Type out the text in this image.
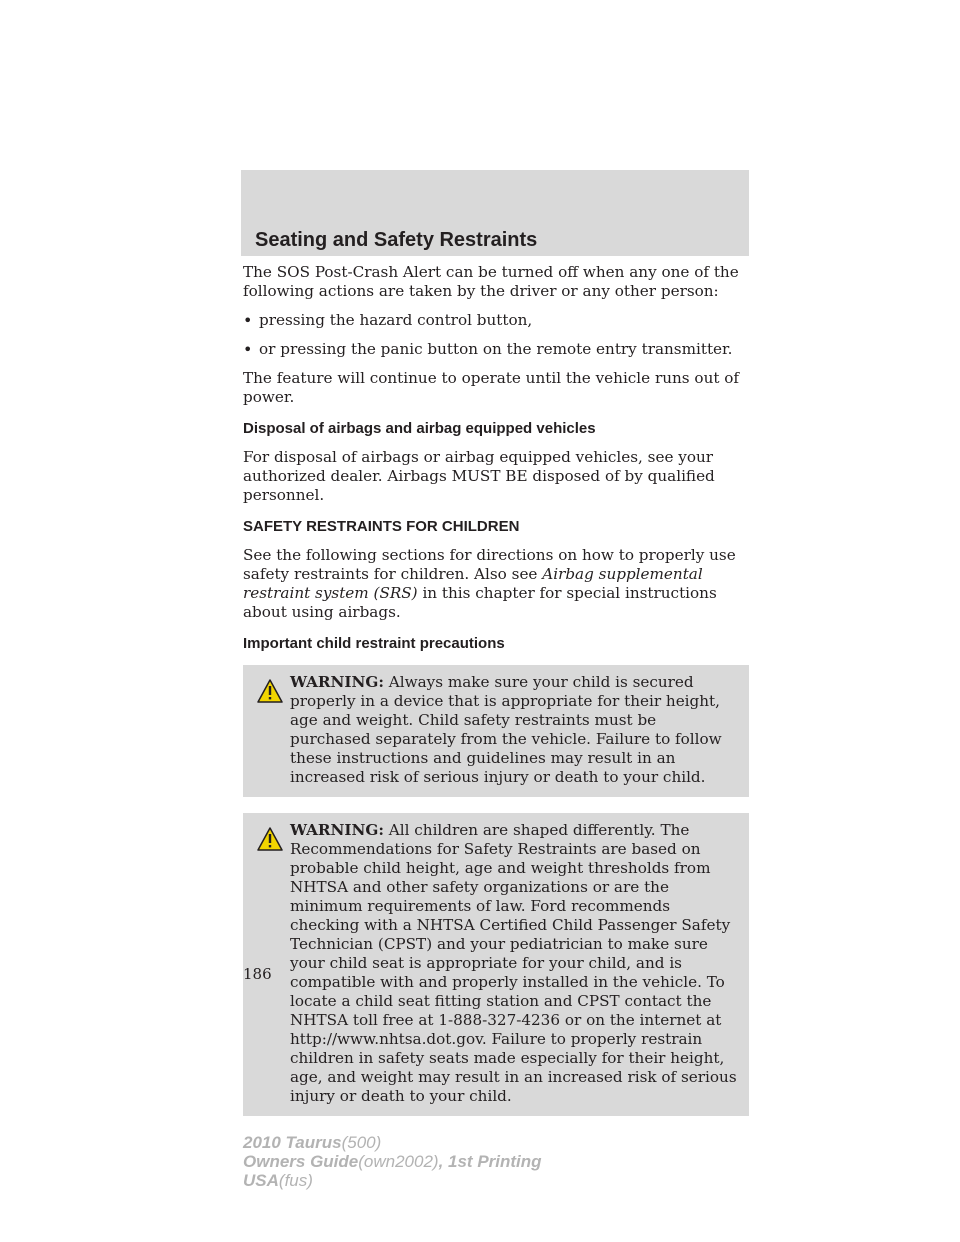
Seating and Safety Restraints

The SOS Post-Crash Alert can be turned off when any one of the following actions are taken by the driver or any other person:

• pressing the hazard control button,

• or pressing the panic button on the remote entry transmitter.

The feature will continue to operate until the vehicle runs out of power.

Disposal of airbags and airbag equipped vehicles

For disposal of airbags or airbag equipped vehicles, see your authorized dealer. Airbags MUST BE disposed of by qualified personnel.

SAFETY RESTRAINTS FOR CHILDREN

See the following sections for directions on how to properly use safety restraints for children. Also see Airbag supplemental restraint system (SRS) in this chapter for special instructions about using airbags.

Important child restraint precautions
WARNING: Always make sure your child is secured properly in a device that is appropriate for their height, age and weight. Child safety restraints must be purchased separately from the vehicle. Failure to follow these instructions and guidelines may result in an increased risk of serious injury or death to your child.
WARNING: All children are shaped differently. The Recommendations for Safety Restraints are based on probable child height, age and weight thresholds from NHTSA and other safety organizations or are the minimum requirements of law. Ford recommends checking with a NHTSA Certified Child Passenger Safety Technician (CPST) and your pediatrician to make sure your child seat is appropriate for your child, and is compatible with and properly installed in the vehicle. To locate a child seat fitting station and CPST contact the NHTSA toll free at 1-888-327-4236 or on the internet at http://www.nhtsa.dot.gov. Failure to properly restrain children in safety seats made especially for their height, age, and weight may result in an increased risk of serious injury or death to your child.
186
2010 Taurus(500)
Owners Guide(own2002), 1st Printing
USA(fus)
